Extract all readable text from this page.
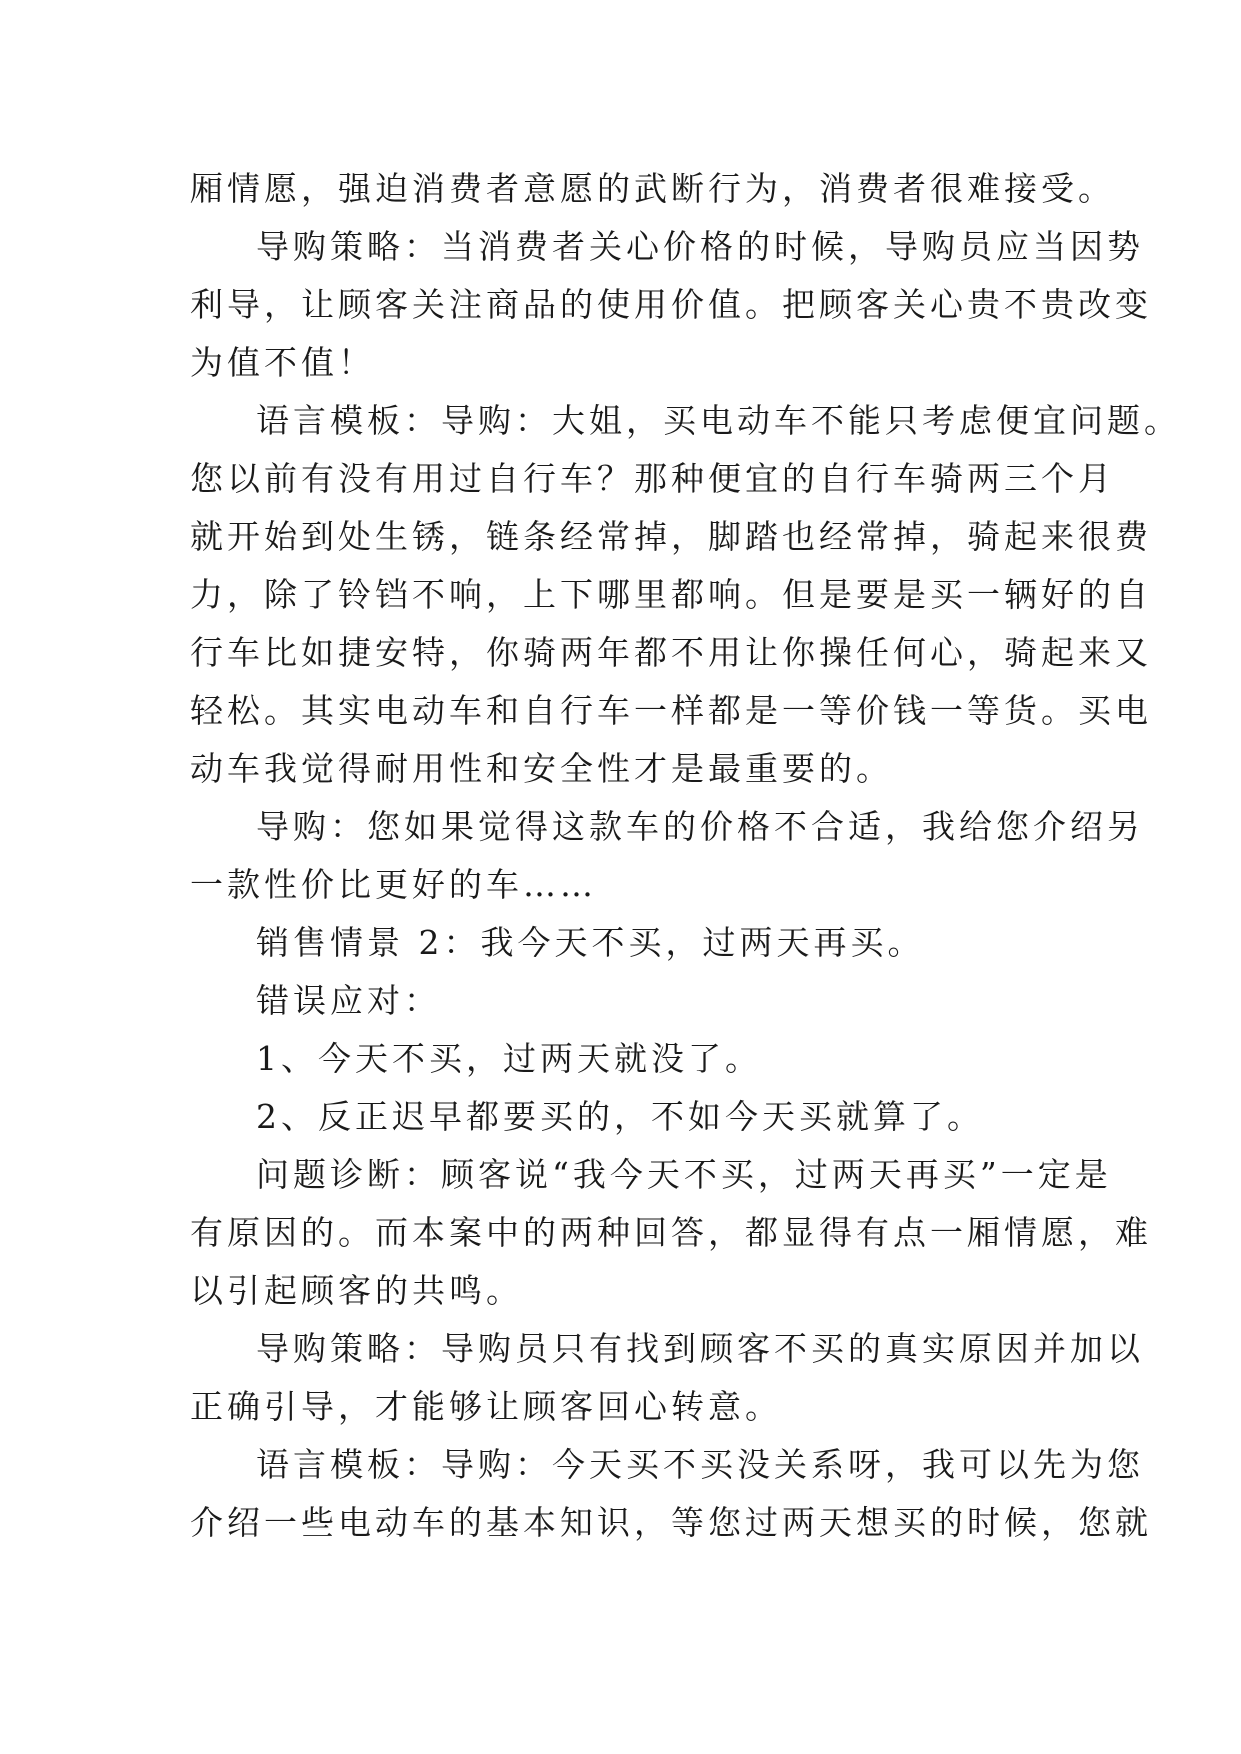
厢情愿，强迫消费者意愿的武断行为，消费者很难接受。
导购策略：当消费者关心价格的时候，导购员应当因势
利导，让顾客关注商品的使用价值。把顾客关心贵不贵改变
为值不值！
语言模板：导购：大姐，买电动车不能只考虑便宜问题。
您以前有没有用过自行车？那种便宜的自行车骑两三个月
就开始到处生锈，链条经常掉，脚踏也经常掉，骑起来很费
力，除了铃铛不响，上下哪里都响。但是要是买一辆好的自
行车比如捷安特，你骑两年都不用让你操任何心，骑起来又
轻松。其实电动车和自行车一样都是一等价钱一等货。买电
动车我觉得耐用性和安全性才是最重要的。
导购：您如果觉得这款车的价格不合适，我给您介绍另
一款性价比更好的车……
销售情景 2：我今天不买，过两天再买。
错误应对：
1、今天不买，过两天就没了。
2、反正迟早都要买的，不如今天买就算了。
问题诊断：顾客说“我今天不买，过两天再买”一定是
有原因的。而本案中的两种回答，都显得有点一厢情愿，难
以引起顾客的共鸣。
导购策略：导购员只有找到顾客不买的真实原因并加以
正确引导，才能够让顾客回心转意。
语言模板：导购：今天买不买没关系呀，我可以先为您
介绍一些电动车的基本知识，等您过两天想买的时候，您就
